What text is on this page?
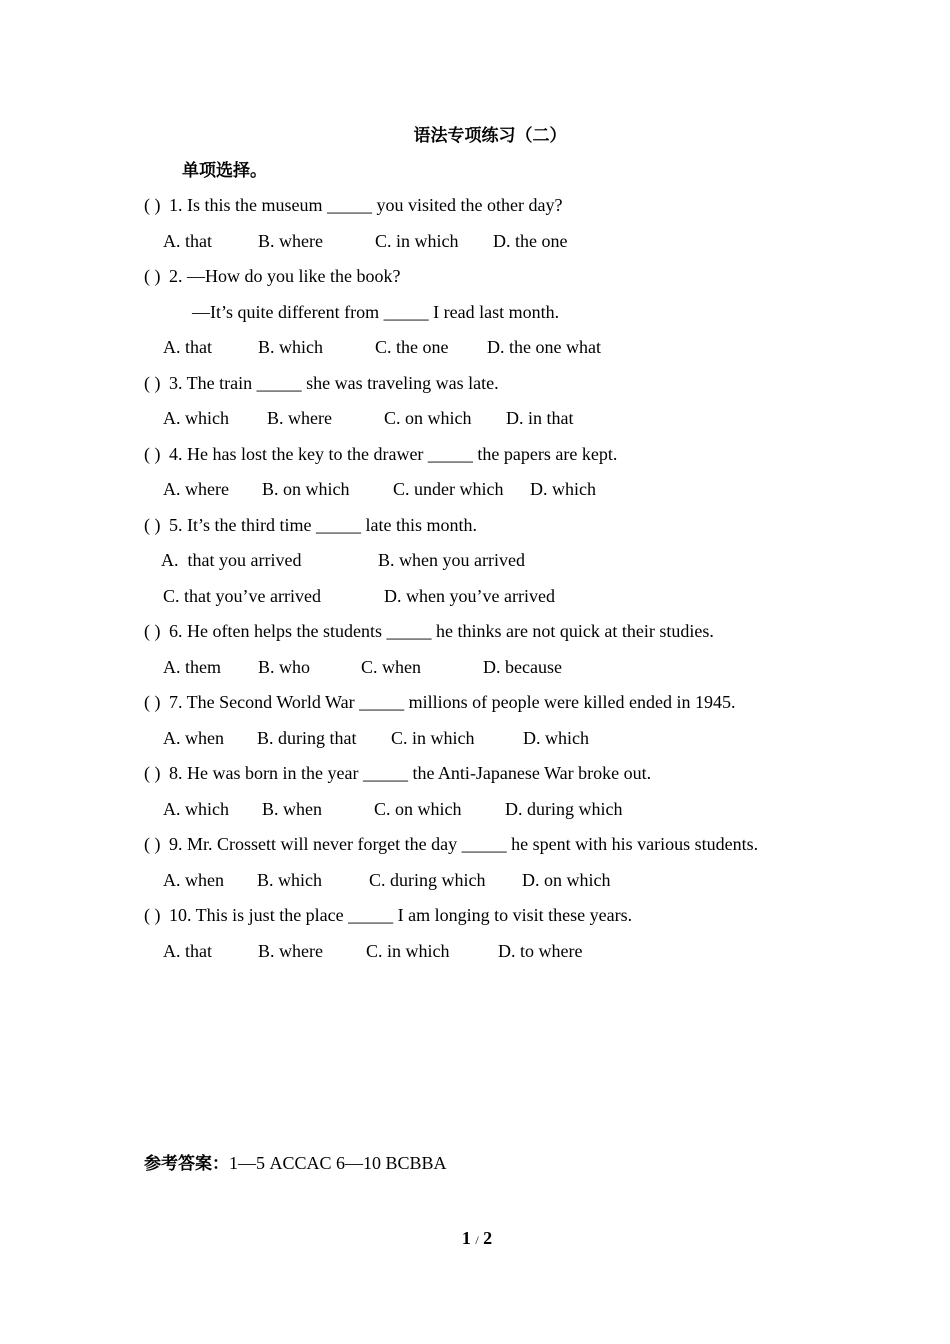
语法专项练习（二）
单项选择。
( ) 1. Is this the museum _____ you visited the other day?
A. that	B. where	C. in which D. the one
( ) 2. —How do you like the book?
—It’s quite different from _____ I read last month.
A. that	B. which	C. the one D. the one what
( ) 3. The train _____ she was traveling was late.
A. which B. where	C. on which D. in that
( ) 4. He has lost the key to the drawer _____ the papers are kept.
A. where B. on which C. under which D. which
( ) 5. It’s the third time _____ late this month.
A.  that you arrived	B. when you arrived
C. that you’ve arrived	D. when you’ve arrived
( ) 6. He often helps the students _____ he thinks are not quick at their studies.
A. them B. who	C. when	D. because
( ) 7. The Second World War _____ millions of people were killed ended in 1945.
A. when B. during that C. in which	D. which
( ) 8. He was born in the year _____ the Anti-Japanese War broke out.
A. which B. when	C. on which D. during which
( ) 9. Mr. Crossett will never forget the day _____ he spent with his various students.
A. when B. which	C. during which D. on which
( ) 10. This is just the place _____ I am longing to visit these years.
A. that	B. where C. in which	D. to where
参考答案：1—5 ACCAC 6—10 BCBBA
1 / 2
